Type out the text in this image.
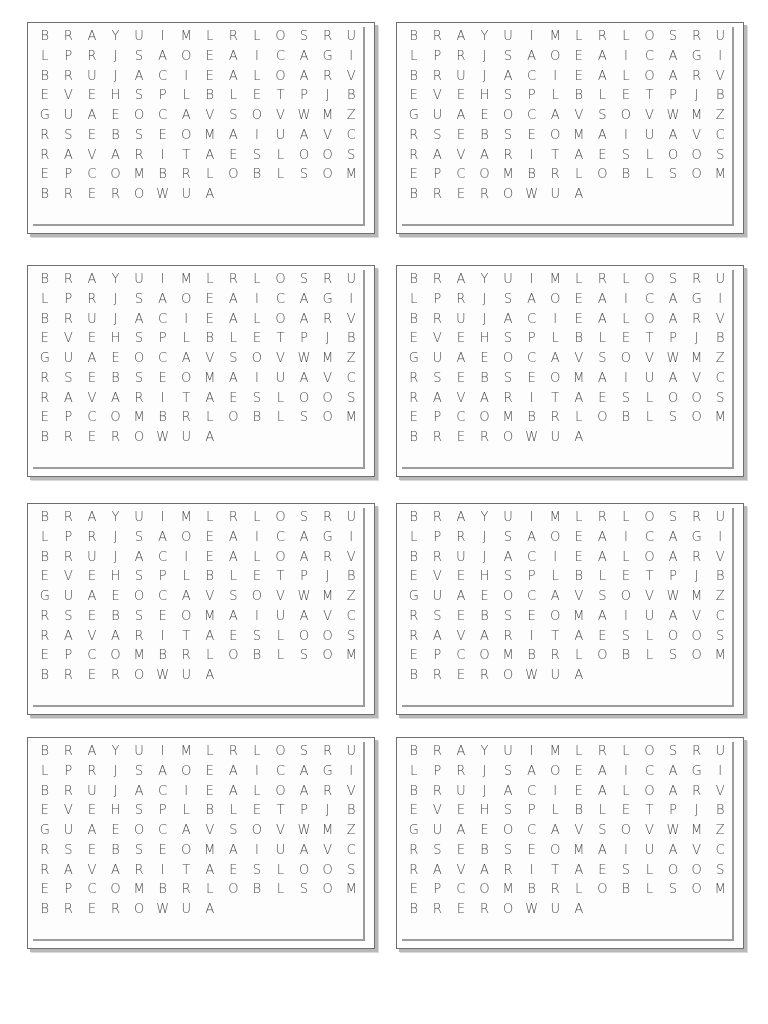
B R A Y U I M L R L O S R U
L P R J S A O E A I C A G I
B R U J A C I E A L O A R V
E V E H S P L B L E T P J B
G U A E O C A V S O V W M Z
R S E B S E O M A I U A V C
R A V A R I T A E S L O O S
E P C O M B R L O B L S O M
B R E R O W U A
B R A Y U I M L R L O S R U
L P R J S A O E A I C A G I
B R U J A C I E A L O A R V
E V E H S P L B L E T P J B
G U A E O C A V S O V W M Z
R S E B S E O M A I U A V C
R A V A R I T A E S L O O S
E P C O M B R L O B L S O M
B R E R O W U A
B R A Y U I M L R L O S R U
L P R J S A O E A I C A G I
B R U J A C I E A L O A R V
E V E H S P L B L E T P J B
G U A E O C A V S O V W M Z
R S E B S E O M A I U A V C
R A V A R I T A E S L O O S
E P C O M B R L O B L S O M
B R E R O W U A
B R A Y U I M L R L O S R U
L P R J S A O E A I C A G I
B R U J A C I E A L O A R V
E V E H S P L B L E T P J B
G U A E O C A V S O V W M Z
R S E B S E O M A I U A V C
R A V A R I T A E S L O O S
E P C O M B R L O B L S O M
B R E R O W U A
B R A Y U I M L R L O S R U
L P R J S A O E A I C A G I
B R U J A C I E A L O A R V
E V E H S P L B L E T P J B
G U A E O C A V S O V W M Z
R S E B S E O M A I U A V C
R A V A R I T A E S L O O S
E P C O M B R L O B L S O M
B R E R O W U A
B R A Y U I M L R L O S R U
L P R J S A O E A I C A G I
B R U J A C I E A L O A R V
E V E H S P L B L E T P J B
G U A E O C A V S O V W M Z
R S E B S E O M A I U A V C
R A V A R I T A E S L O O S
E P C O M B R L O B L S O M
B R E R O W U A
B R A Y U I M L R L O S R U
L P R J S A O E A I C A G I
B R U J A C I E A L O A R V
E V E H S P L B L E T P J B
G U A E O C A V S O V W M Z
R S E B S E O M A I U A V C
R A V A R I T A E S L O O S
E P C O M B R L O B L S O M
B R E R O W U A
B R A Y U I M L R L O S R U
L P R J S A O E A I C A G I
B R U J A C I E A L O A R V
E V E H S P L B L E T P J B
G U A E O C A V S O V W M Z
R S E B S E O M A I U A V C
R A V A R I T A E S L O O S
E P C O M B R L O B L S O M
B R E R O W U A
